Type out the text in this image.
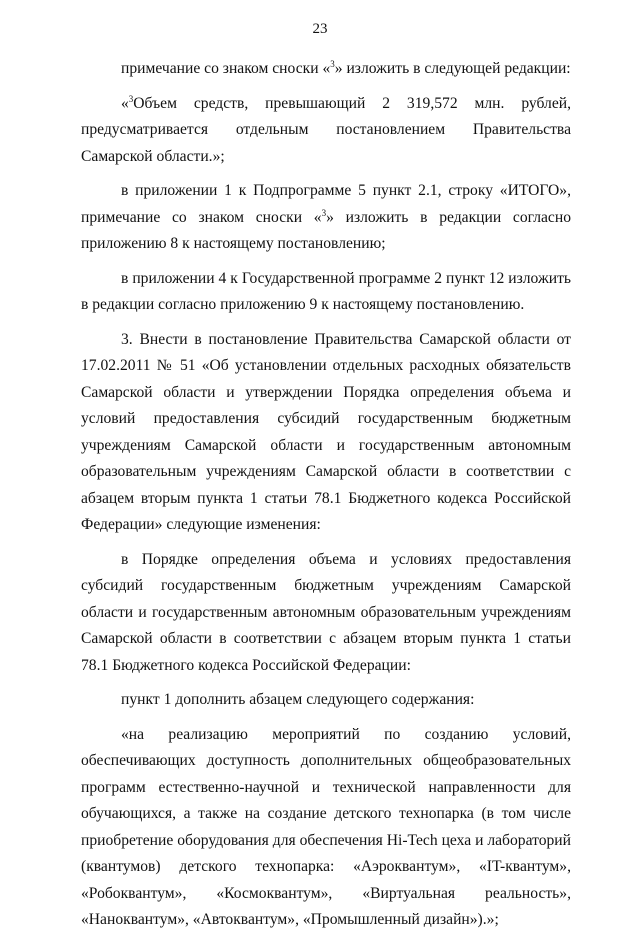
23

примечание со знаком сноски «$^3$» изложить в следующей редакции:

«$^3$Объем средств, превышающий 2 319,572 млн. рублей, предусматривается отдельным постановлением Правительства Самарской области.»;

в приложении 1 к Подпрограмме 5 пункт 2.1, строку «ИТОГО», примечание со знаком сноски «$^3$» изложить в редакции согласно приложению 8 к настоящему постановлению;

в приложении 4 к Государственной программе 2 пункт 12 изложить в редакции согласно приложению 9 к настоящему постановлению.

3. Внести в постановление Правительства Самарской области от 17.02.2011 № 51 «Об установлении отдельных расходных обязательств Самарской области и утверждении Порядка определения объема и условий предоставления субсидий государственным бюджетным учреждениям Самарской области и государственным автономным образовательным учреждениям Самарской области в соответствии с абзацем вторым пункта 1 статьи 78.1 Бюджетного кодекса Российской Федерации» следующие изменения:

в Порядке определения объема и условиях предоставления субсидий государственным бюджетным учреждениям Самарской области и государственным автономным образовательным учреждениям Самарской области в соответствии с абзацем вторым пункта 1 статьи 78.1 Бюджетного кодекса Российской Федерации:

пункт 1 дополнить абзацем следующего содержания:

«на реализацию мероприятий по созданию условий, обеспечивающих доступность дополнительных общеобразовательных программ естественно-научной и технической направленности для обучающихся, а также на создание детского технопарка (в том числе приобретение оборудования для обеспечения Hi-Tech цеха и лабораторий (квантумов) детского технопарка: «Аэроквантум», «IT-квантум», «Робоквантум», «Космоквантум», «Виртуальная реальность», «Наноквантум», «Автоквантум», «Промышленный дизайн»).»;
